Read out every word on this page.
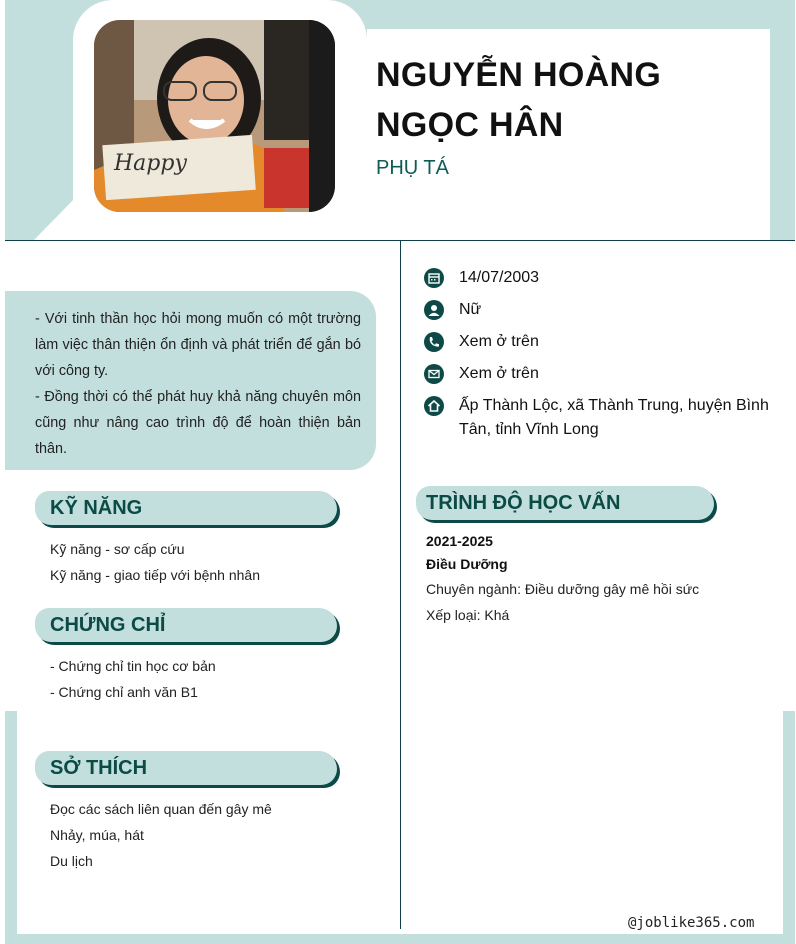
Happy
NGUYỄN HOÀNG
NGỌC HÂN
PHỤ TÁ
- Với tinh thần học hỏi mong muốn có một trường làm việc thân thiện ổn định và phát triển để gắn bó với công ty.
- Đồng thời có thể phát huy khả năng chuyên môn cũng như nâng cao trình độ để hoàn thiện bản thân.
KỸ NĂNG
Kỹ năng - sơ cấp cứu
Kỹ năng - giao tiếp với bệnh nhân
CHỨNG CHỈ
- Chứng chỉ tin học cơ bản
- Chứng chỉ anh văn B1
SỞ THÍCH
Đọc các sách liên quan đến gây mê
Nhảy, múa, hát
Du lịch
14/07/2003
Nữ
Xem ở trên
Xem ở trên
Ấp Thành Lộc, xã Thành Trung, huyện Bình Tân, tỉnh Vĩnh Long
TRÌNH ĐỘ HỌC VẤN
2021-2025
Điều Dưỡng
Chuyên ngành: Điều dưỡng gây mê hồi sức
Xếp loại: Khá
@joblike365.com
